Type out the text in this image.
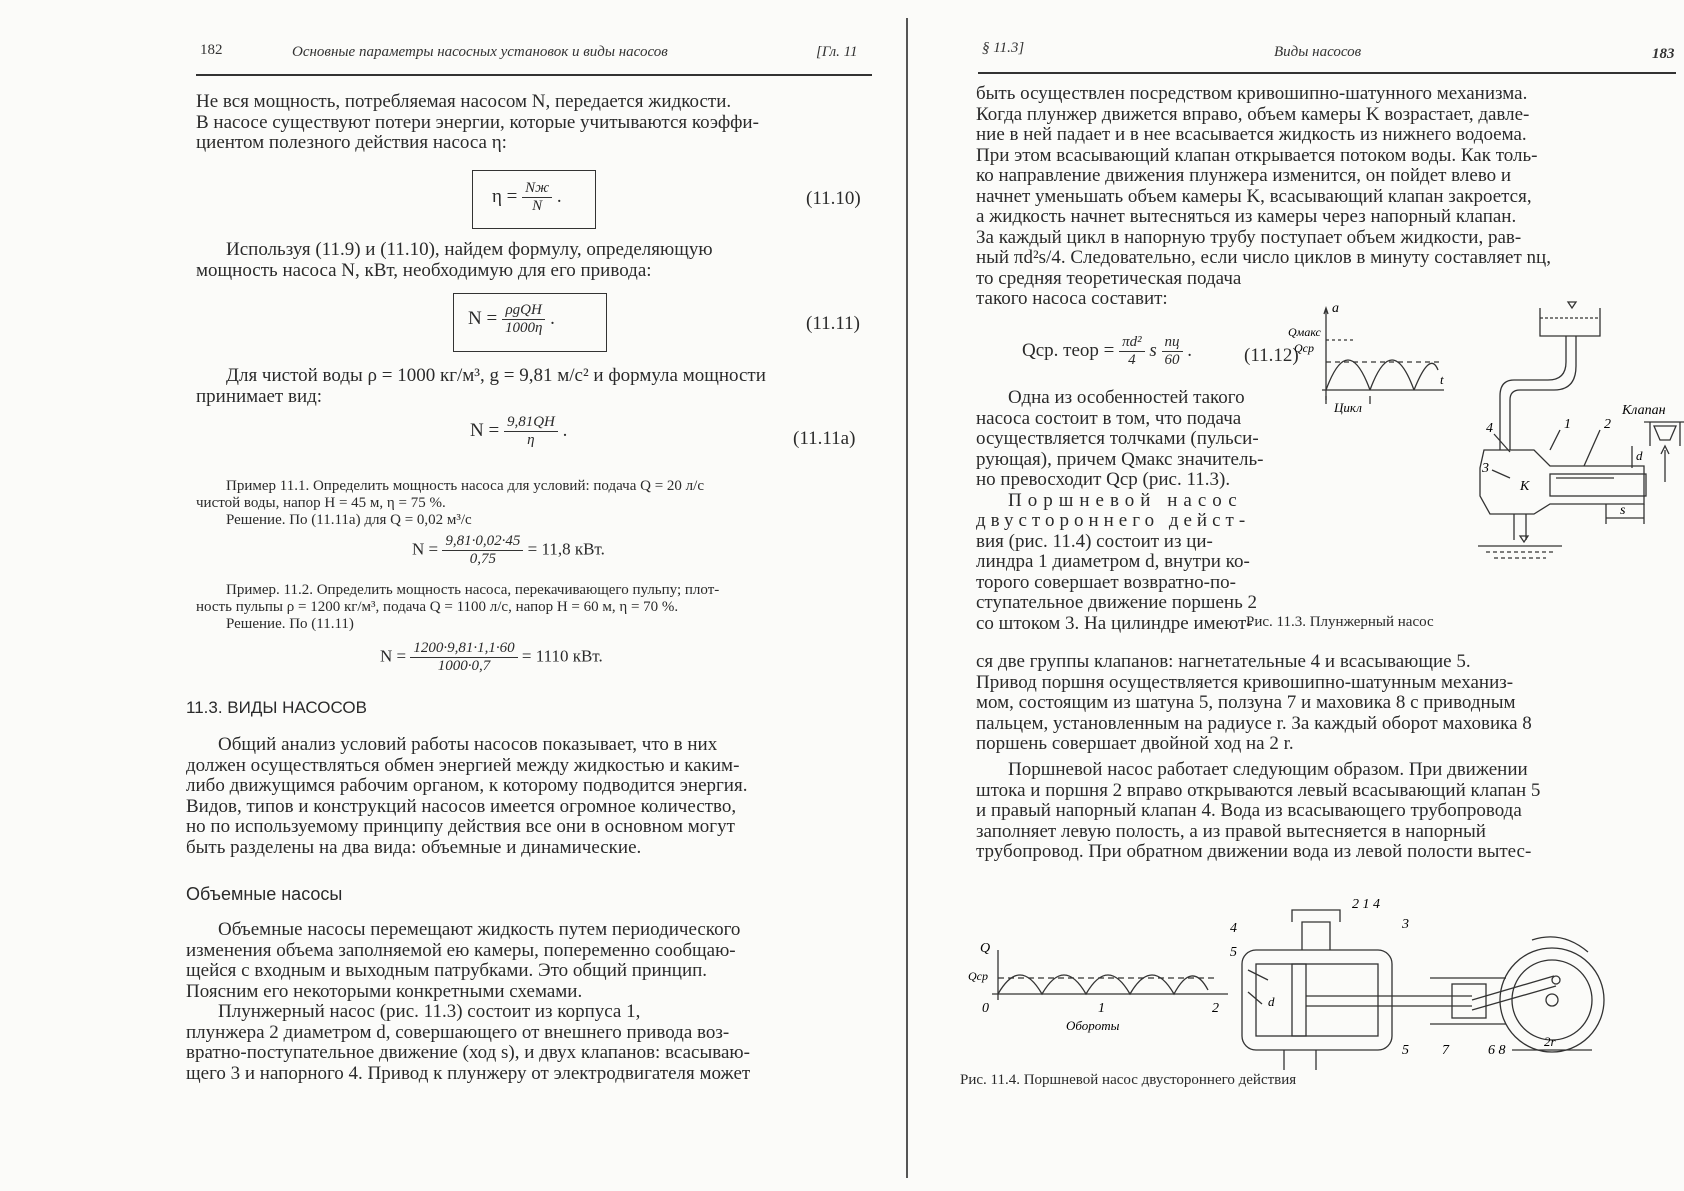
182	Основные параметры насосных установок и виды насосов	[Гл. 11
Не вся мощность, потребляемая насосом N, передается жидкости.
В насосе существуют потери энергии, которые учитываются коэффи-
циентом полезного действия насоса η:
$\eta = \frac{Nж}{N}$ .	(11.10)
Используя (11.9) и (11.10), найдем формулу, определяющую
мощность насоса N, кВт, необходимую для его привода:
$N = \frac{\text{ρgQH}}{1000\eta}$ .	(11.11)
Для чистой воды ρ = 1000 кг/м³, g = 9,81 м/с² и формула мощности
принимает вид:
$N = \frac{9,81QH}{\eta}$ .	(11.11a)
Пример 11.1. Определить мощность насоса для условий: подача Q = 20 л/с
чистой воды, напор H = 45 м, η = 75 %.
Решение. По (11.11a) для Q = 0,02 м³/с
$N = \frac{9,81\cdot 0,02\cdot 45}{0,75} = 11,8$ кВт.
Пример. 11.2. Определить мощность насоса, перекачивающего пульпу; плот-
ность пульпы ρ = 1200 кг/м³, подача Q = 1100 л/с, напор H = 60 м, η = 70 %.
Решение. По (11.11)
$N = \frac{1200\cdot 9,81\cdot 1,1\cdot 60}{1000\cdot 0,7} = 1110$ кВт.
11.3. ВИДЫ НАСОСОВ
Общий анализ условий работы насосов показывает, что в них
должен осуществляться обмен энергией между жидкостью и каким-
либо движущимся рабочим органом, к которому подводится энергия.
Видов, типов и конструкций насосов имеется огромное количество,
но по используемому принципу действия все они в основном могут
быть разделены на два вида: объемные и динамические.
Объемные насосы
Объемные насосы перемещают жидкость путем периодического
изменения объема заполняемой ею камеры, попеременно сообщаю-
щейся с входным и выходным патрубками. Это общий принцип.
Поясним его некоторыми конкретными схемами.
Плунжерный насос (рис. 11.3) состоит из корпуса 1,
плунжера 2 диаметром d, совершающего от внешнего привода воз-
вратно-поступательное движение (ход s), и двух клапанов: всасываю-
щего 3 и напорного 4. Привод к плунжеру от электродвигателя может
§ 11.3]	Виды насосов	183
быть осуществлен посредством кривошипно-шатунного механизма.
Когда плунжер движется вправо, объем камеры K возрастает, давле-
ние в ней падает и в нее всасывается жидкость из нижнего водоема.
При этом всасывающий клапан открывается потоком воды. Как толь-
ко направление движения плунжера изменится, он пойдет влево и
начнет уменьшать объем камеры K, всасывающий клапан закроется,
а жидкость начнет вытесняться из камеры через напорный клапан.
За каждый цикл в напорную трубу поступает объем жидкости, рав-
ный πd²s/4. Следовательно, если число циклов в минуту составляет nц,
то средняя теоретическая подача
такого насоса составит:
Qср. теор = $\frac{\text{πd²}}{4}$ s $\frac{nц}{60}$ .	(11.12)
Одна из особенностей такого
насоса состоит в том, что подача
осуществляется толчками (пульси-
рующая), причем Qмакс значитель-
но превосходит Qср (рис. 11.3).
Поршневой насос
двустороннего дейст-
вия (рис. 11.4) состоит из ци-
линдра 1 диаметром d, внутри ко-
торого совершает возвратно-по-
ступательное движение поршень 2
со штоком 3. На цилиндре имеют-
a
Qмакс
Qср
t
Цикл	Клапан
1 2
4
3
K
d
s
Рис. 11.3. Плунжерный насос
ся две группы клапанов: нагнетательные 4 и всасывающие 5.
Привод поршня осуществляется кривошипно-шатунным механиз-
мом, состоящим из шатуна 5, ползуна 7 и маховика 8 с приводным
пальцем, установленным на радиусе r. За каждый оборот маховика 8
поршень совершает двойной ход на 2 r.
Поршневой насос работает следующим образом. При движении
штока и поршня 2 вправо открываются левый всасывающий клапан 5
и правый напорный клапан 4. Вода из всасывающего трубопровода
заполняет левую полость, а из правой вытесняется в напорный
трубопровод. При обратном движении вода из левой полости вытес-
Q
Qср
0	1	2
Обороты
2 1 4
3
4
5
5 7	6 8
d
2r
Рис. 11.4. Поршневой насос двустороннего действия
